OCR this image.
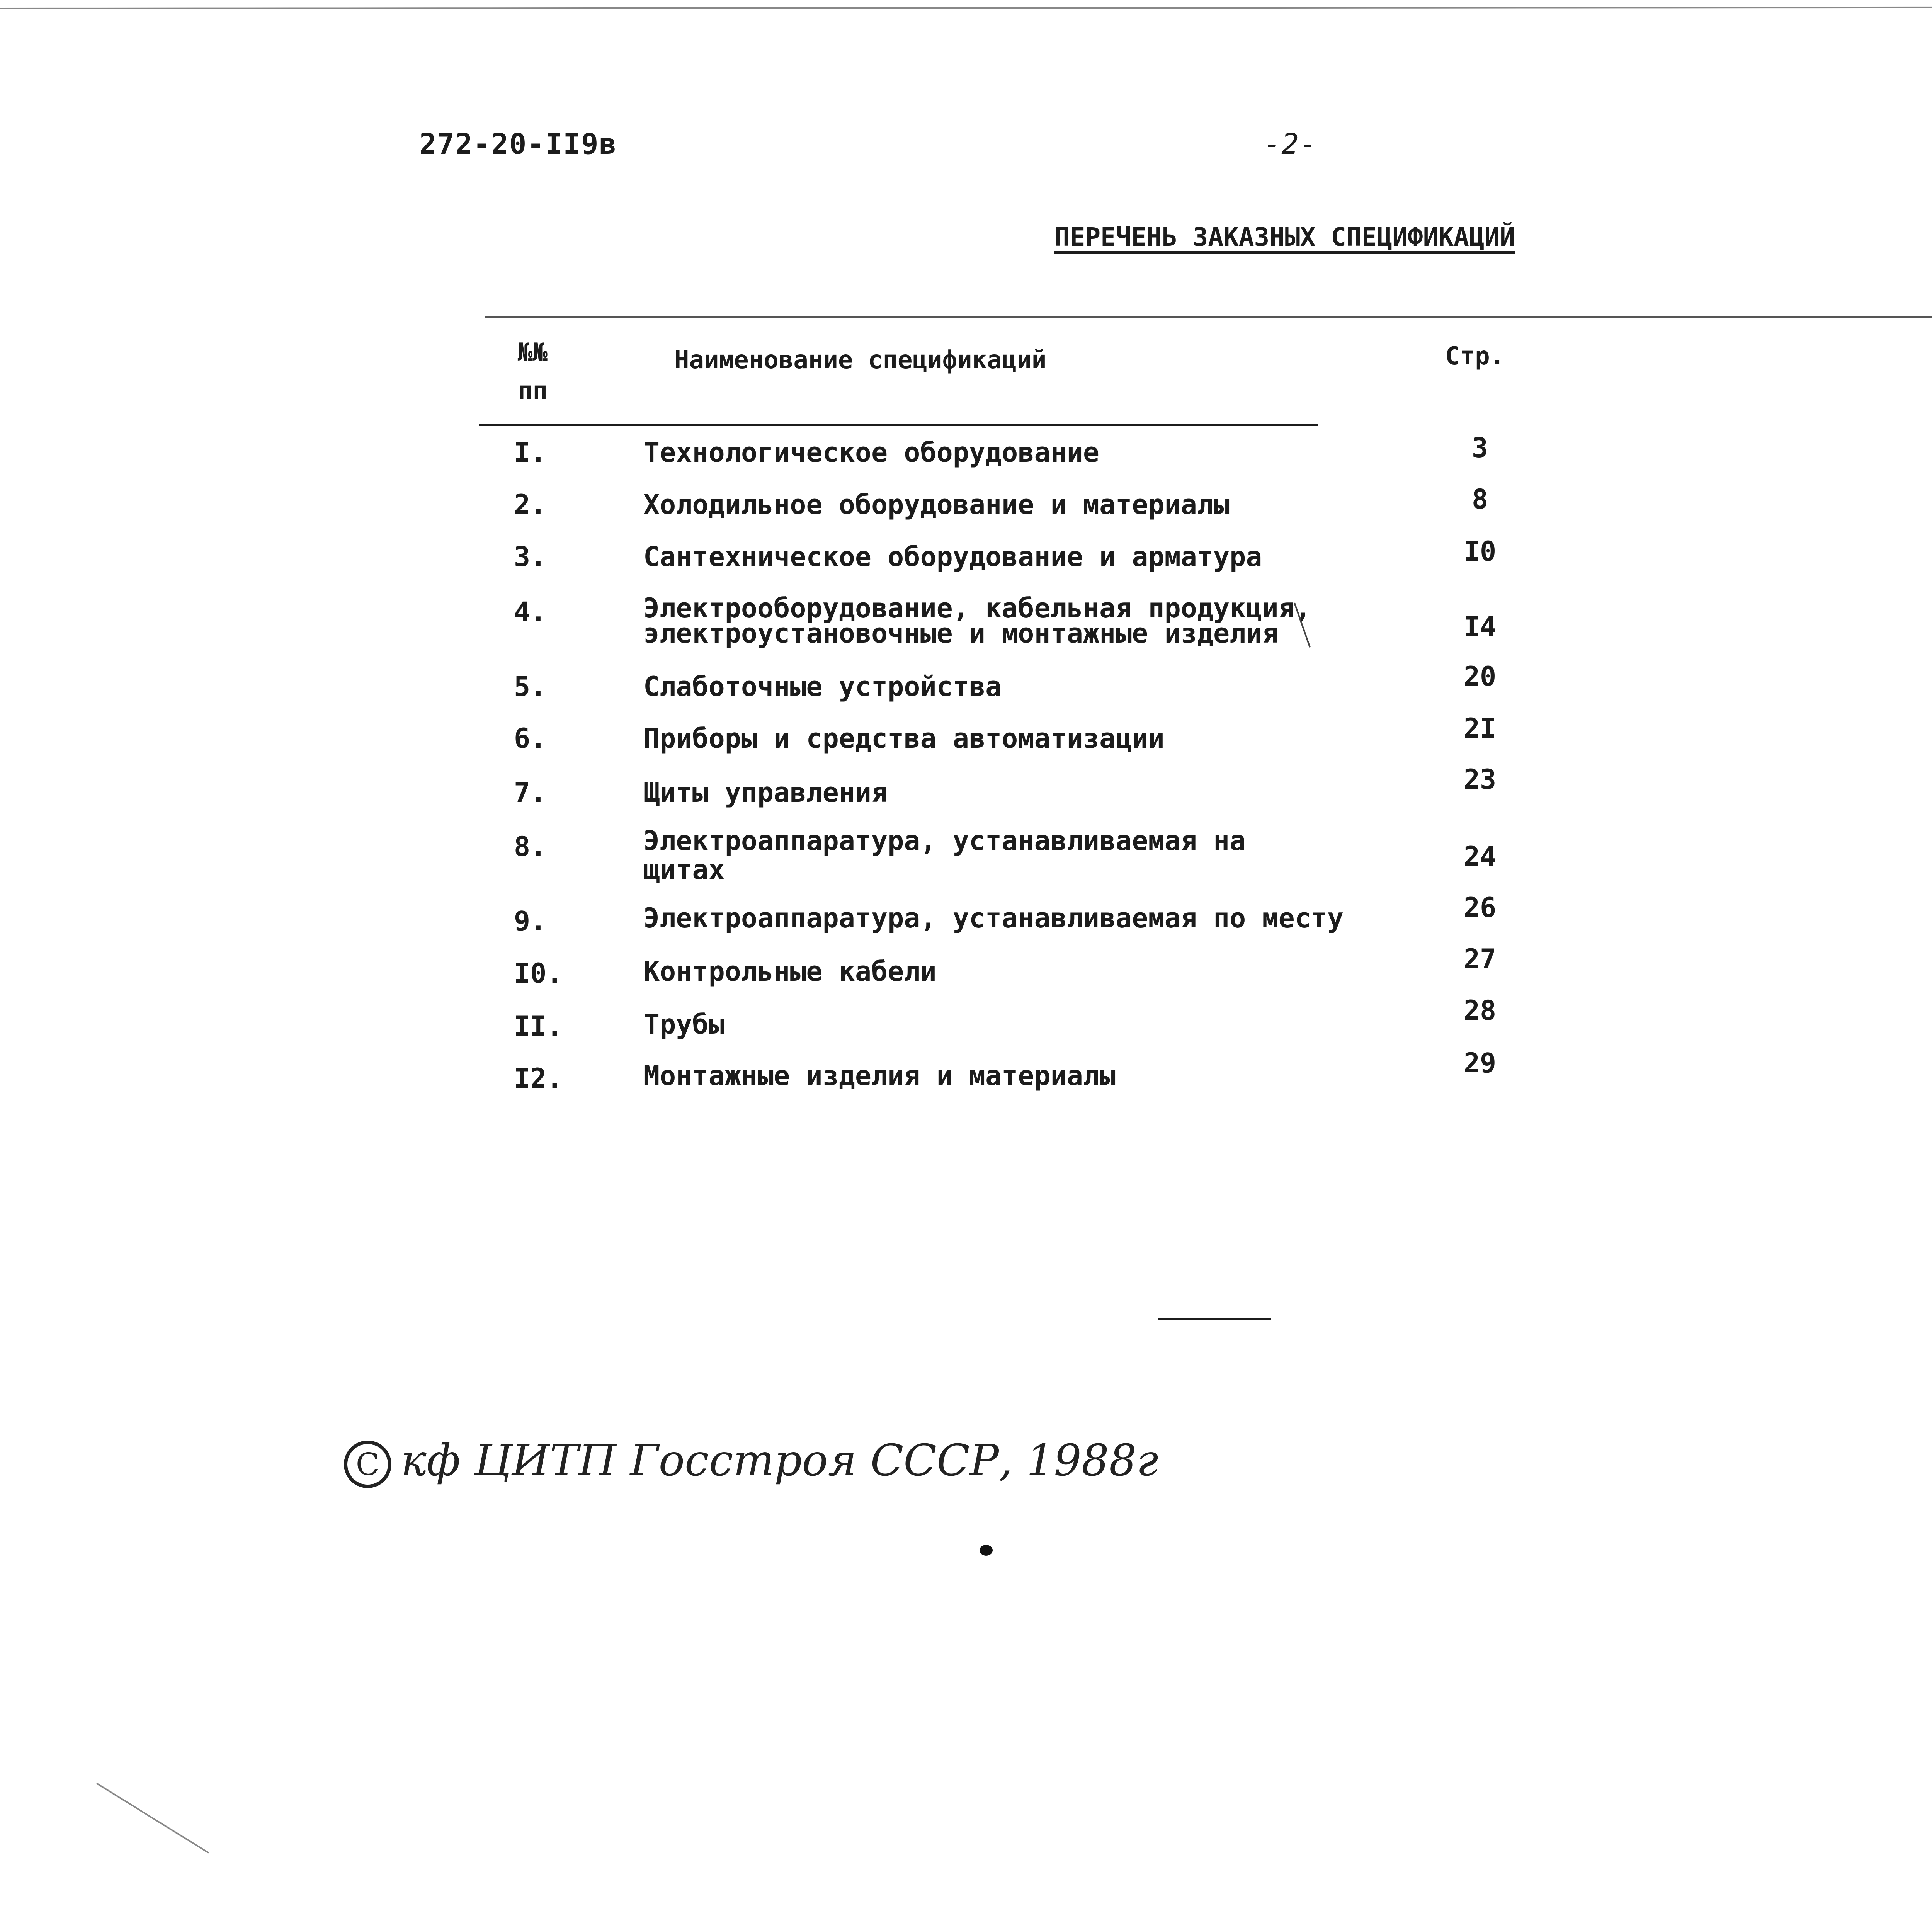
272-20-II9в	-2-
ПЕРЕЧЕНЬ ЗАКАЗНЫХ СПЕЦИФИКАЦИЙ
№№
пп
Наименование спецификаций	Стр.
I.	Технологическое оборудование	3
2.	Холодильное оборудование и материалы	8
3.	Сантехническое оборудование и арматура	I0
4.	Электрооборудование, кабельная продукция,
электроустановочные и монтажные изделия	I4
5.	Слаботочные устройства	20
6.	Приборы и средства автоматизации	2I
7.	Щиты управления	23
8.	Электроаппаратура, устанавливаемая на
щитах	24
9.	Электроаппаратура, устанавливаемая по месту	26
I0.	Контрольные кабели	27
II.	Трубы	28
I2.	Монтажные изделия и материалы	29
С кф ЦИТП Госстроя СССР, 1988г
